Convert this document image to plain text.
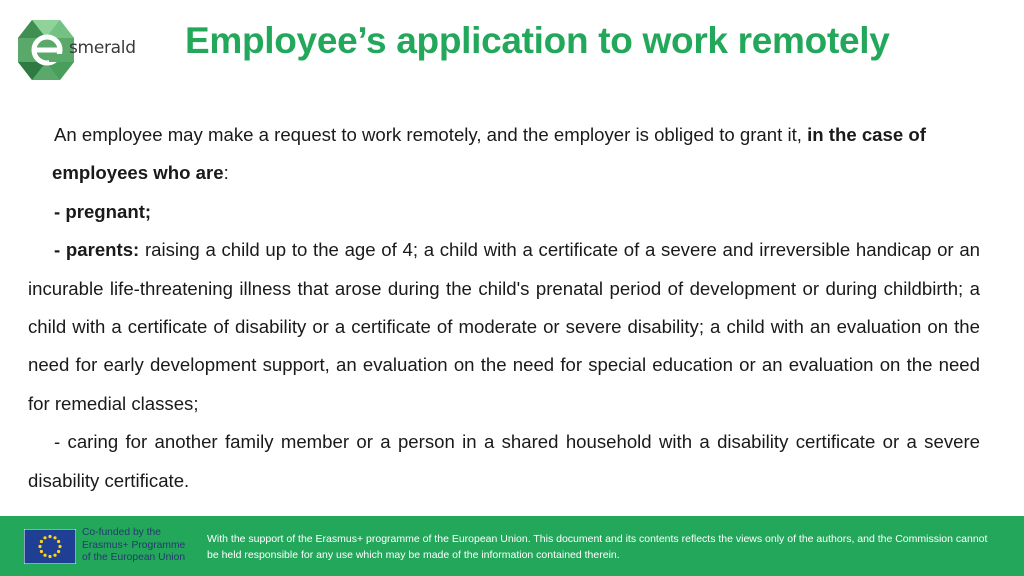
smerald Employee’s application to work remotely

An employee may make a request to work remotely, and the employer is obliged to grant it, in the case of

employees who are:

- pregnant;

- parents: raising a child up to the age of 4; a child with a certificate of a severe and irreversible handicap or an incurable life-threatening illness that arose during the child's prenatal period of development or during childbirth; a child with a certificate of disability or a certificate of moderate or severe disability; a child with an evaluation on the need for early development support, an evaluation on the need for special education or an evaluation on the need for remedial classes;

- caring for another family member or a person in a shared household with a disability certificate or a severe disability certificate.

Co-funded by the
Erasmus+ Programme
of the European Union
With the support of the Erasmus+ programme of the European Union. This document and its contents reflects the views only of the authors, and the Commission cannot be held responsible for any use which may be made of the information contained therein.
